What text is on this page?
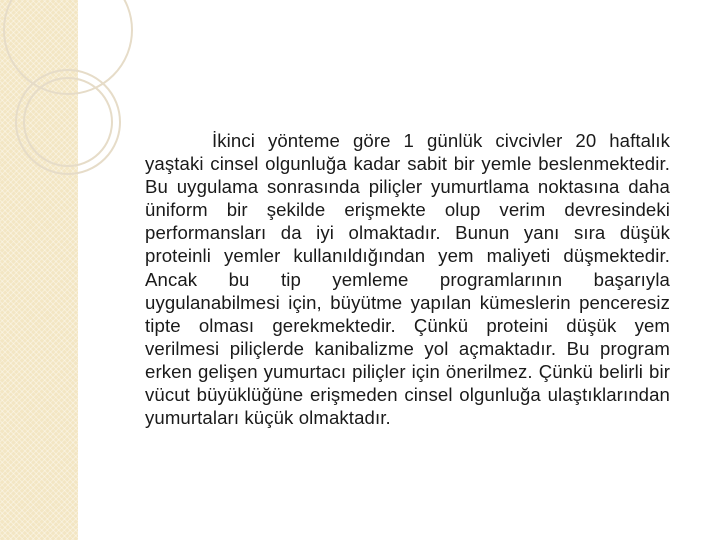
İkinci yönteme göre 1 günlük civcivler 20 haftalık yaştaki cinsel olgunluğa kadar sabit bir yemle beslenmektedir. Bu uygulama sonrasında piliçler yumurtlama noktasına daha üniform bir şekilde erişmekte olup verim devresindeki performansları da iyi olmaktadır. Bunun yanı sıra düşük proteinli yemler kullanıldığından yem maliyeti düşmektedir. Ancak bu tip yemleme programlarının başarıyla uygulanabilmesi için, büyütme yapılan kümeslerin penceresiz tipte olması gerekmektedir. Çünkü proteini düşük yem verilmesi piliçlerde kanibalizme yol açmaktadır. Bu program erken gelişen yumurtacı piliçler için önerilmez. Çünkü belirli bir vücut büyüklüğüne erişmeden cinsel olgunluğa ulaştıklarından yumurtaları küçük olmaktadır.
